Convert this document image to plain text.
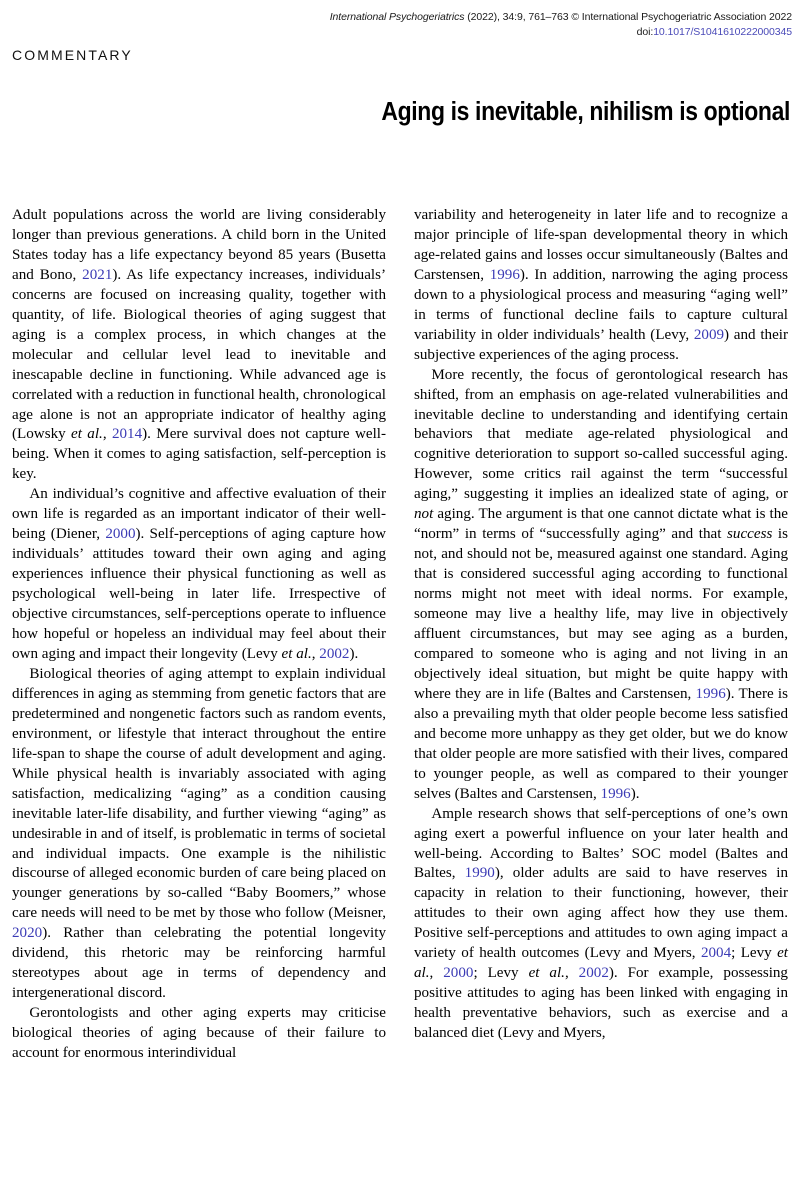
International Psychogeriatrics (2022), 34:9, 761–763 © International Psychogeriatric Association 2022
doi:10.1017/S1041610222000345
COMMENTARY
Aging is inevitable, nihilism is optional

Adult populations across the world are living considerably longer than previous generations. A child born in the United States today has a life expectancy beyond 85 years (Busetta and Bono, 2021). As life expectancy increases, individuals’ concerns are focused on increasing quality, together with quantity, of life. Biological theories of aging suggest that aging is a complex process, in which changes at the molecular and cellular level lead to inevitable and inescapable decline in functioning. While advanced age is correlated with a reduction in functional health, chronological age alone is not an appropriate indicator of healthy aging (Lowsky et al., 2014). Mere survival does not capture well-being. When it comes to aging satisfaction, self-perception is key.

An individual’s cognitive and affective evaluation of their own life is regarded as an important indicator of their well-being (Diener, 2000). Self-perceptions of aging capture how individuals’ attitudes toward their own aging and aging experiences influence their physical functioning as well as psychological well-being in later life. Irrespective of objective circumstances, self-perceptions operate to influence how hopeful or hopeless an individual may feel about their own aging and impact their longevity (Levy et al., 2002).

Biological theories of aging attempt to explain individual differences in aging as stemming from genetic factors that are predetermined and nongenetic factors such as random events, environment, or lifestyle that interact throughout the entire life-span to shape the course of adult development and aging. While physical health is invariably associated with aging satisfaction, medicalizing “aging” as a condition causing inevitable later-life disability, and further viewing “aging” as undesirable in and of itself, is problematic in terms of societal and individual impacts. One example is the nihilistic discourse of alleged economic burden of care being placed on younger generations by so-called “Baby Boomers,” whose care needs will need to be met by those who follow (Meisner, 2020). Rather than celebrating the potential longevity dividend, this rhetoric may be reinforcing harmful stereotypes about age in terms of dependency and intergenerational discord.

Gerontologists and other aging experts may criticise biological theories of aging because of their failure to account for enormous interindividual

variability and heterogeneity in later life and to recognize a major principle of life-span developmental theory in which age-related gains and losses occur simultaneously (Baltes and Carstensen, 1996). In addition, narrowing the aging process down to a physiological process and measuring “aging well” in terms of functional decline fails to capture cultural variability in older individuals’ health (Levy, 2009) and their subjective experiences of the aging process.

More recently, the focus of gerontological research has shifted, from an emphasis on age-related vulnerabilities and inevitable decline to understanding and identifying certain behaviors that mediate age-related physiological and cognitive deterioration to support so-called successful aging. However, some critics rail against the term “successful aging,” suggesting it implies an idealized state of aging, or not aging. The argument is that one cannot dictate what is the “norm” in terms of “successfully aging” and that success is not, and should not be, measured against one standard. Aging that is considered successful aging according to functional norms might not meet with ideal norms. For example, someone may live a healthy life, may live in objectively affluent circumstances, but may see aging as a burden, compared to someone who is aging and not living in an objectively ideal situation, but might be quite happy with where they are in life (Baltes and Carstensen, 1996). There is also a prevailing myth that older people become less satisfied and become more unhappy as they get older, but we do know that older people are more satisfied with their lives, compared to younger people, as well as compared to their younger selves (Baltes and Carstensen, 1996).

Ample research shows that self-perceptions of one’s own aging exert a powerful influence on your later health and well-being. According to Baltes’ SOC model (Baltes and Baltes, 1990), older adults are said to have reserves in capacity in relation to their functioning, however, their attitudes to their own aging affect how they use them. Positive self-perceptions and attitudes to own aging impact a variety of health outcomes (Levy and Myers, 2004; Levy et al., 2000; Levy et al., 2002). For example, possessing positive attitudes to aging has been linked with engaging in health preventative behaviors, such as exercise and a balanced diet (Levy and Myers,
